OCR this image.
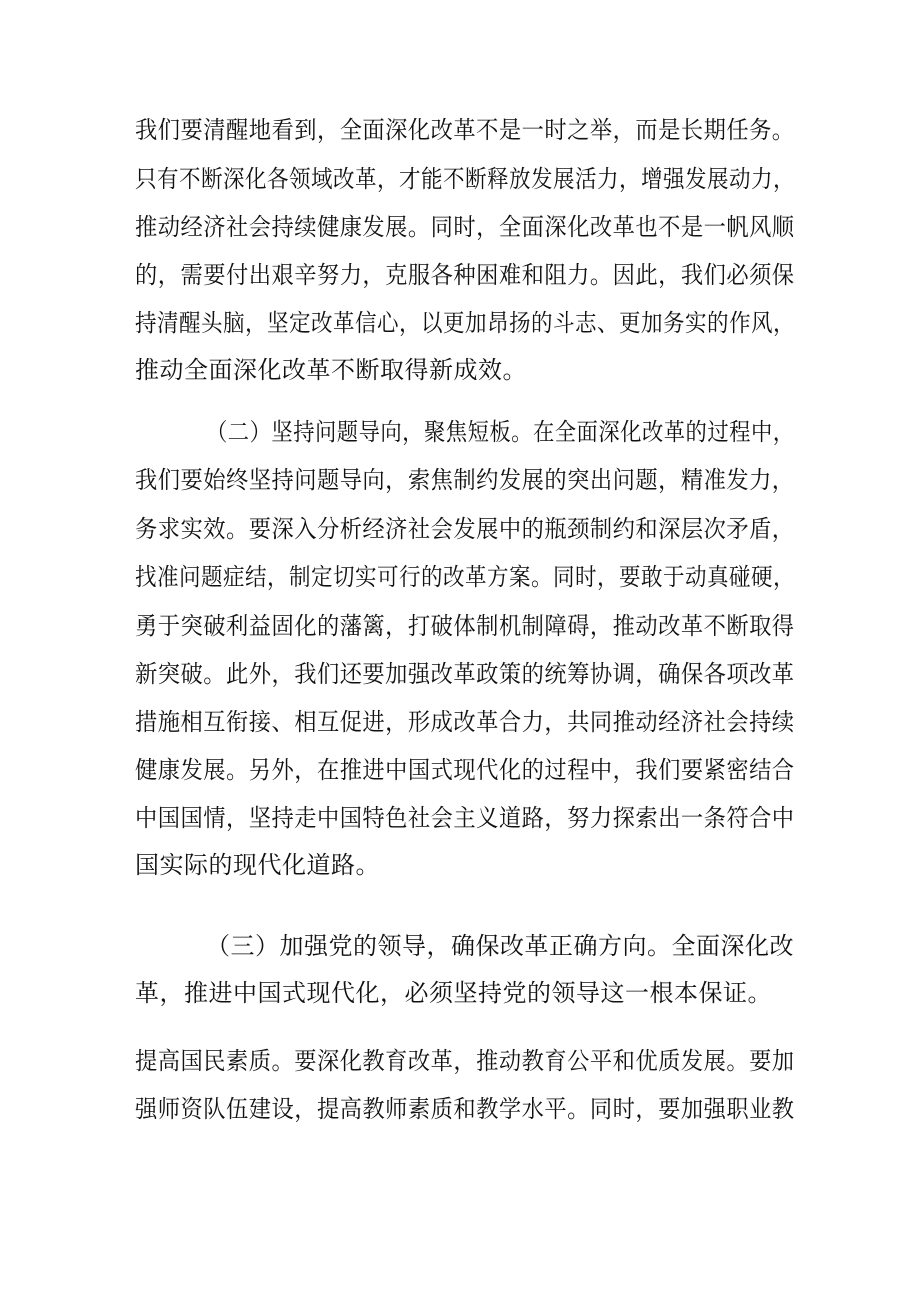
我们要清醒地看到，全面深化改革不是一时之举，而是长期任务。
只有不断深化各领域改革，才能不断释放发展活力，增强发展动力，
推动经济社会持续健康发展。同时，全面深化改革也不是一帆风顺
的，需要付出艰辛努力，克服各种困难和阻力。因此，我们必须保
持清醒头脑，坚定改革信心，以更加昂扬的斗志、更加务实的作风，
推动全面深化改革不断取得新成效。
（二）坚持问题导向，聚焦短板。在全面深化改革的过程中，
我们要始终坚持问题导向，索焦制约发展的突出问题，精准发力，
务求实效。要深入分析经济社会发展中的瓶颈制约和深层次矛盾，
找准问题症结，制定切实可行的改革方案。同时，要敢于动真碰硬，
勇于突破利益固化的藩篱，打破体制机制障碍，推动改革不断取得
新突破。此外，我们还要加强改革政策的统筹协调，确保各项改革
措施相互衔接、相互促进，形成改革合力，共同推动经济社会持续
健康发展。另外，在推进中国式现代化的过程中，我们要紧密结合
中国国情，坚持走中国特色社会主义道路，努力探索出一条符合中
国实际的现代化道路。
（三）加强党的领导，确保改革正确方向。全面深化改
革，推进中国式现代化，必须坚持党的领导这一根本保证。
提高国民素质。要深化教育改革，推动教育公平和优质发展。要加
强师资队伍建设，提高教师素质和教学水平。同时，要加强职业教
